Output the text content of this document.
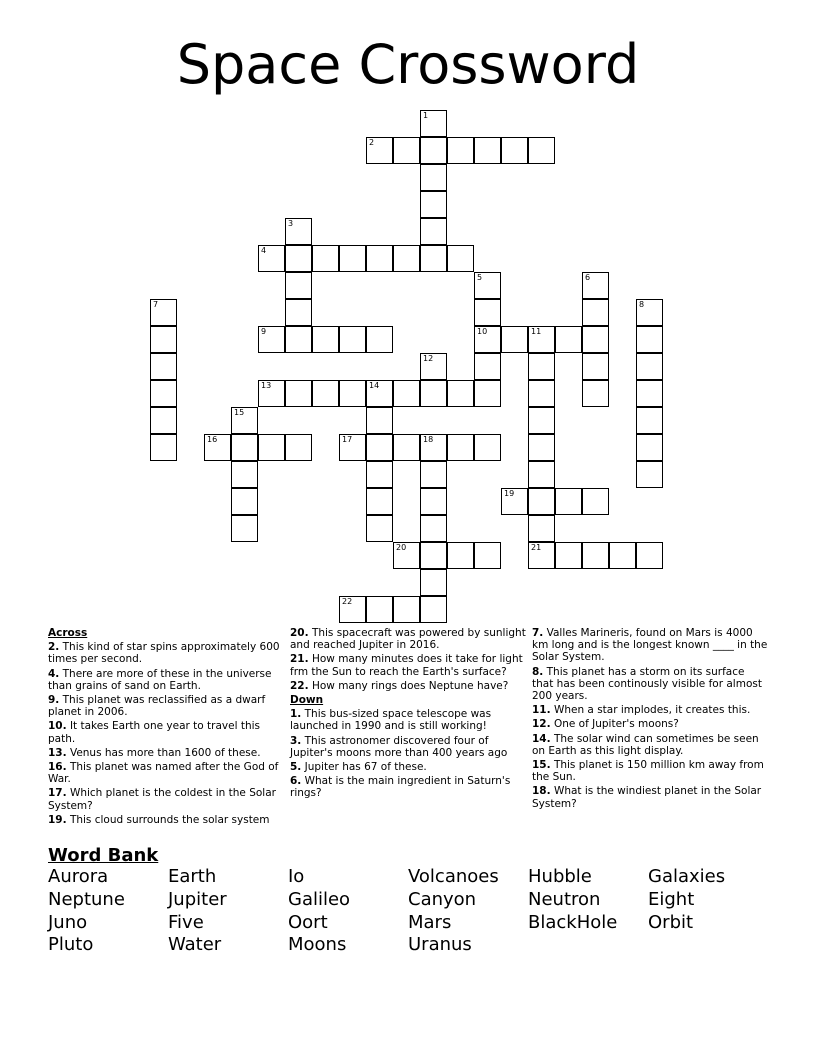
Space Crossword
1
2
3
4
5	6
7	8
9	10	11
12
13	14
15
16	17	18
19
20	21
22
Across
2. This kind of star spins approximately 600 times per second.
4. There are more of these in the universe than grains of sand on Earth.
9. This planet was reclassified as a dwarf planet in 2006.
10. It takes Earth one year to travel this path.
13. Venus has more than 1600 of these.
16. This planet was named after the God of War.
17. Which planet is the coldest in the Solar System?
19. This cloud surrounds the solar system
20. This spacecraft was powered by sunlight and reached Jupiter in 2016.
21. How many minutes does it take for light frm the Sun to reach the Earth's surface?
22. How many rings does Neptune have?
Down
1. This bus-sized space telescope was launched in 1990 and is still working!
3. This astronomer discovered four of Jupiter's moons more than 400 years ago
5. Jupiter has 67 of these.
6. What is the main ingredient in Saturn's rings?
7. Valles Marineris, found on Mars is 4000 km long and is the longest known ____ in the Solar System.
8. This planet has a storm on its surface that has been continously visible for almost 200 years.
11. When a star implodes, it creates this.
12. One of Jupiter's moons?
14. The solar wind can sometimes be seen on Earth as this light display.
15. This planet is 150 million km away from the Sun.
18. What is the windiest planet in the Solar System?
Word Bank
Aurora	Earth	Io	Volcanoes	Hubble	Galaxies
Neptune	Jupiter	Galileo	Canyon	Neutron	Eight
Juno	Five	Oort	Mars	BlackHole	Orbit
Pluto	Water	Moons	Uranus
